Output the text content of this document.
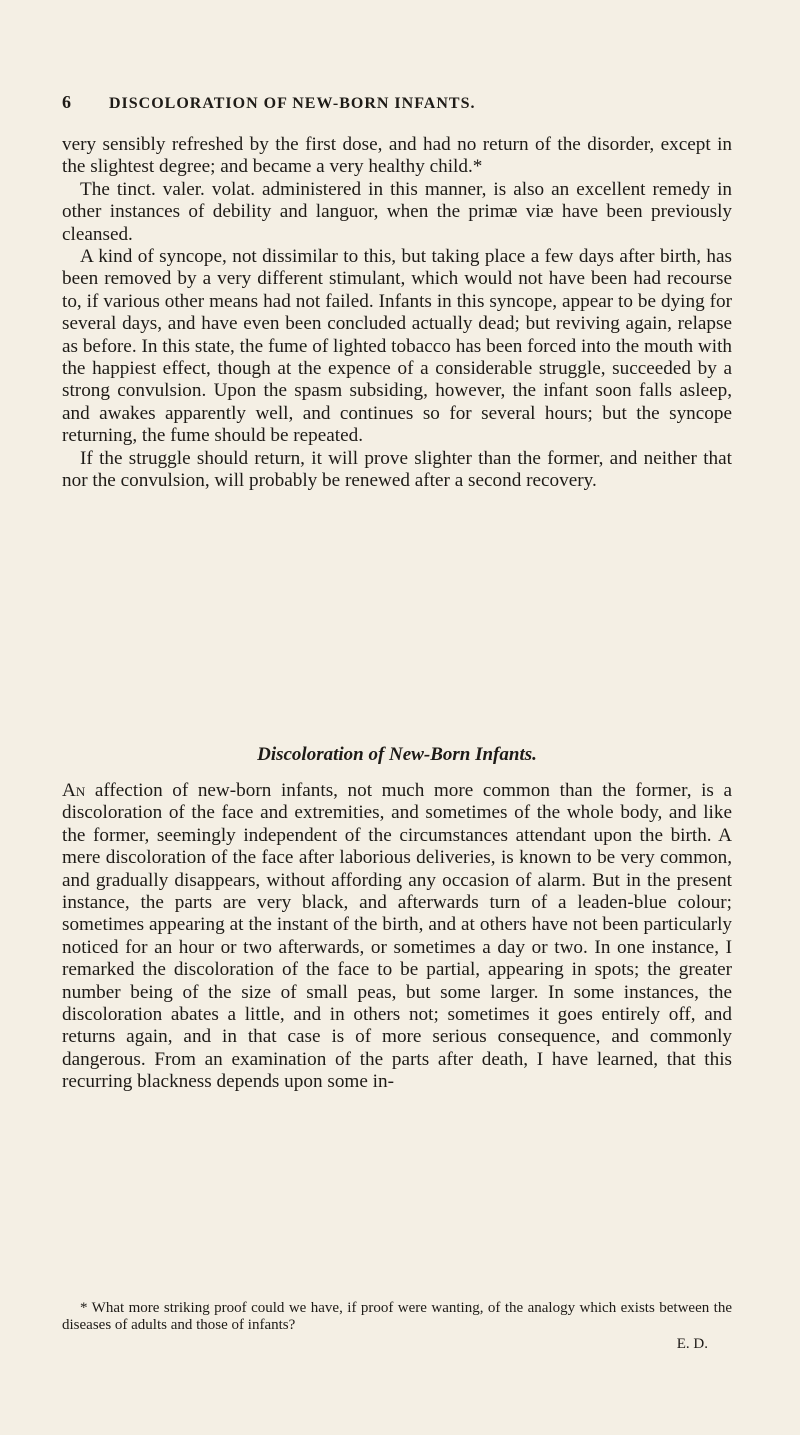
6 DISCOLORATION OF NEW-BORN INFANTS.

very sensibly refreshed by the first dose, and had no return of the disorder, except in the slightest degree; and became a very healthy child.*

The tinct. valer. volat. administered in this manner, is also an excellent remedy in other instances of debility and languor, when the primæ viæ have been previously cleansed.

A kind of syncope, not dissimilar to this, but taking place a few days after birth, has been removed by a very different stimulant, which would not have been had recourse to, if various other means had not failed. Infants in this syncope, appear to be dying for several days, and have even been concluded actually dead; but reviving again, relapse as before. In this state, the fume of lighted tobacco has been forced into the mouth with the happiest effect, though at the expence of a considerable struggle, succeeded by a strong convulsion. Upon the spasm subsiding, however, the infant soon falls asleep, and awakes apparently well, and continues so for several hours; but the syncope returning, the fume should be repeated.

If the struggle should return, it will prove slighter than the former, and neither that nor the convulsion, will probably be renewed after a second recovery.

Discoloration of New-Born Infants.

An affection of new-born infants, not much more common than the former, is a discoloration of the face and extremities, and sometimes of the whole body, and like the former, seemingly independent of the circumstances attendant upon the birth. A mere discoloration of the face after laborious deliveries, is known to be very common, and gradually disappears, without affording any occasion of alarm. But in the present instance, the parts are very black, and afterwards turn of a leaden-blue colour; sometimes appearing at the instant of the birth, and at others have not been particularly noticed for an hour or two afterwards, or sometimes a day or two. In one instance, I remarked the discoloration of the face to be partial, appearing in spots; the greater number being of the size of small peas, but some larger. In some instances, the discoloration abates a little, and in others not; sometimes it goes entirely off, and returns again, and in that case is of more serious consequence, and commonly dangerous. From an examination of the parts after death, I have learned, that this recurring blackness depends upon some in-

* What more striking proof could we have, if proof were wanting, of the analogy which exists between the diseases of adults and those of infants?

E. D.
